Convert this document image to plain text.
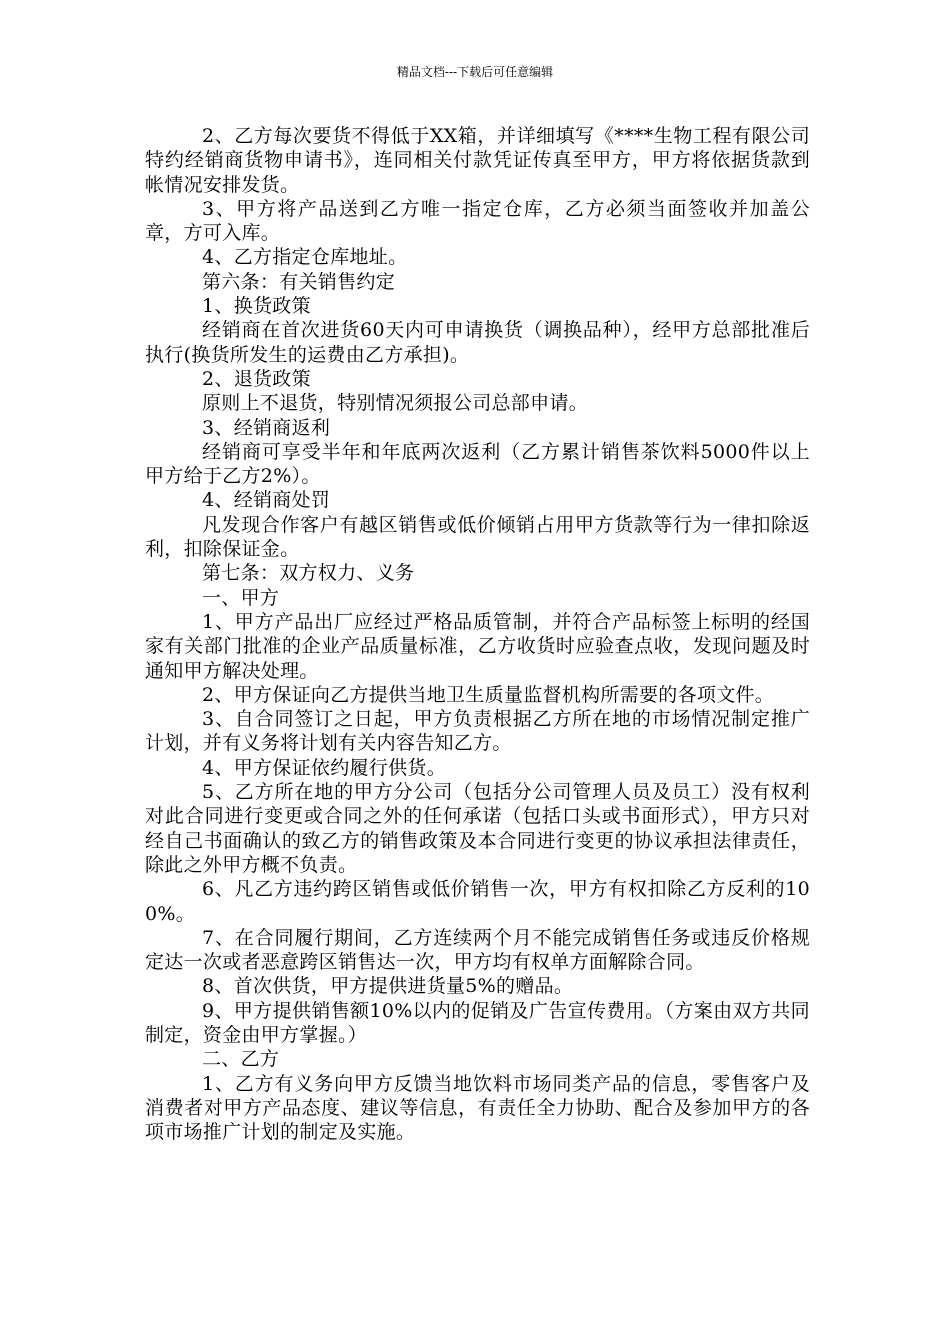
精品文档---下载后可任意编辑

2、乙方每次要货不得低于XX箱，并详细填写《****生物工程有限公司特约经销商货物申请书》，连同相关付款凭证传真至甲方，甲方将依据货款到帐情况安排发货。

3、甲方将产品送到乙方唯一指定仓库，乙方必须当面签收并加盖公章，方可入库。

4、乙方指定仓库地址。

第六条：有关销售约定

1、换货政策

经销商在首次进货60天内可申请换货（调换品种），经甲方总部批准后执行(换货所发生的运费由乙方承担)。

2、退货政策

原则上不退货，特别情况须报公司总部申请。

3、经销商返利

经销商可享受半年和年底两次返利（乙方累计销售茶饮料5000件以上甲方给于乙方2%）。

4、经销商处罚

凡发现合作客户有越区销售或低价倾销占用甲方货款等行为一律扣除返利，扣除保证金。

第七条：双方权力、义务

一、甲方

1、甲方产品出厂应经过严格品质管制，并符合产品标签上标明的经国家有关部门批准的企业产品质量标准，乙方收货时应验查点收，发现问题及时通知甲方解决处理。

2、甲方保证向乙方提供当地卫生质量监督机构所需要的各项文件。

3、自合同签订之日起，甲方负责根据乙方所在地的市场情况制定推广计划，并有义务将计划有关内容告知乙方。

4、甲方保证依约履行供货。

5、乙方所在地的甲方分公司（包括分公司管理人员及员工）没有权利对此合同进行变更或合同之外的任何承诺（包括口头或书面形式），甲方只对经自己书面确认的致乙方的销售政策及本合同进行变更的协议承担法律责任，除此之外甲方概不负责。

6、凡乙方违约跨区销售或低价销售一次，甲方有权扣除乙方反利的100%。

7、在合同履行期间，乙方连续两个月不能完成销售任务或违反价格规定达一次或者恶意跨区销售达一次，甲方均有权单方面解除合同。

8、首次供货，甲方提供进货量5%的赠品。

9、甲方提供销售额10%以内的促销及广告宣传费用。（方案由双方共同制定，资金由甲方掌握。）

二、乙方

1、乙方有义务向甲方反馈当地饮料市场同类产品的信息，零售客户及消费者对甲方产品态度、建议等信息，有责任全力协助、配合及参加甲方的各项市场推广计划的制定及实施。
